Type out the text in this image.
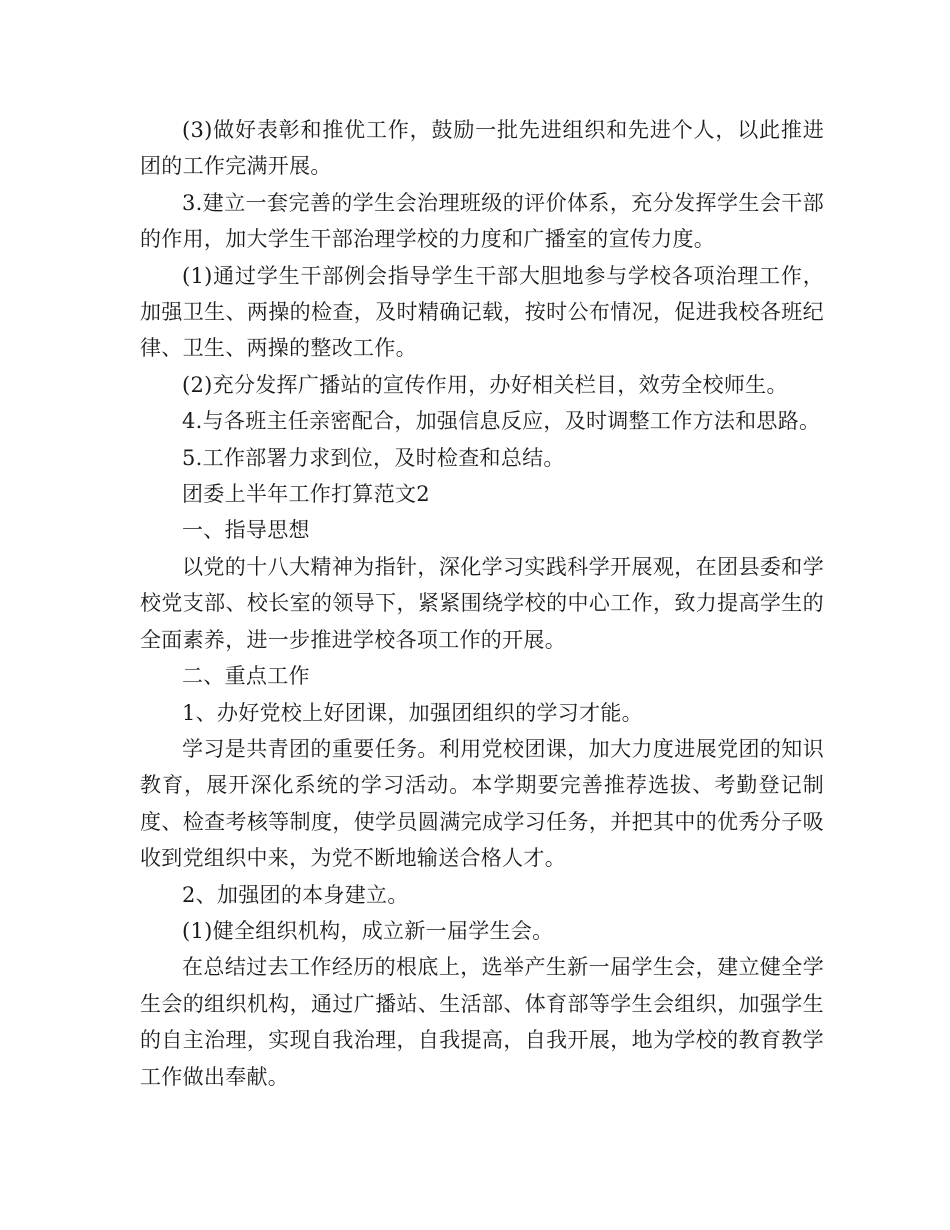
(3)做好表彰和推优工作，鼓励一批先进组织和先进个人，以此推进团的工作完满开展。

3.建立一套完善的学生会治理班级的评价体系，充分发挥学生会干部的作用，加大学生干部治理学校的力度和广播室的宣传力度。

(1)通过学生干部例会指导学生干部大胆地参与学校各项治理工作，加强卫生、两操的检查，及时精确记载，按时公布情况，促进我校各班纪律、卫生、两操的整改工作。

(2)充分发挥广播站的宣传作用，办好相关栏目，效劳全校师生。

4.与各班主任亲密配合，加强信息反应，及时调整工作方法和思路。

5.工作部署力求到位，及时检查和总结。

团委上半年工作打算范文2

一、指导思想

以党的十八大精神为指针，深化学习实践科学开展观，在团县委和学校党支部、校长室的领导下，紧紧围绕学校的中心工作，致力提高学生的全面素养，进一步推进学校各项工作的开展。

二、重点工作

1、办好党校上好团课，加强团组织的学习才能。

学习是共青团的重要任务。利用党校团课，加大力度进展党团的知识教育，展开深化系统的学习活动。本学期要完善推荐选拔、考勤登记制度、检查考核等制度，使学员圆满完成学习任务，并把其中的优秀分子吸收到党组织中来，为党不断地输送合格人才。

2、加强团的本身建立。

(1)健全组织机构，成立新一届学生会。

在总结过去工作经历的根底上，选举产生新一届学生会，建立健全学生会的组织机构，通过广播站、生活部、体育部等学生会组织，加强学生的自主治理，实现自我治理，自我提高，自我开展，地为学校的教育教学工作做出奉献。
